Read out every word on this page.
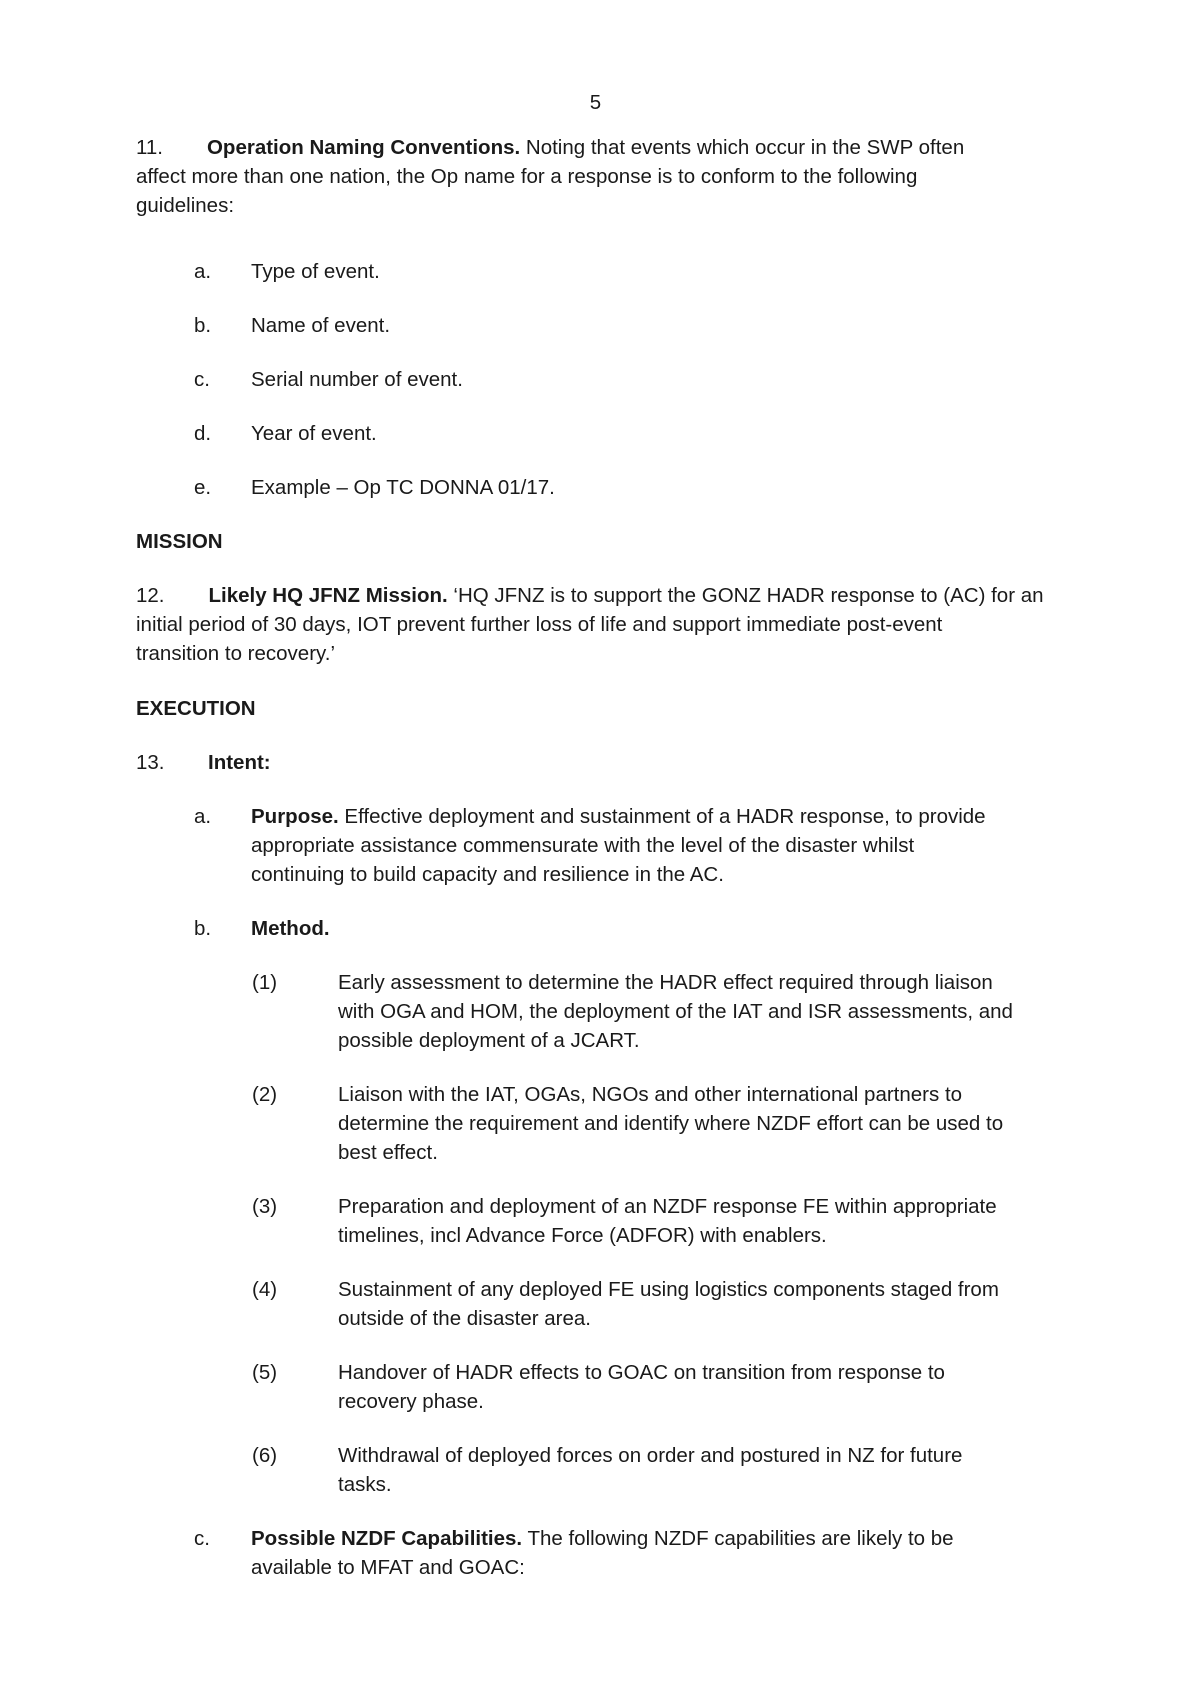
5
11. Operation Naming Conventions. Noting that events which occur in the SWP often
affect more than one nation, the Op name for a response is to conform to the following
guidelines:
a. Type of event.
b. Name of event.
c. Serial number of event.
d. Year of event.
e. Example – Op TC DONNA 01/17.
MISSION
12. Likely HQ JFNZ Mission. ‘HQ JFNZ is to support the GONZ HADR response to (AC) for an
initial period of 30 days, IOT prevent further loss of life and support immediate post-event
transition to recovery.’
EXECUTION
13. Intent:
a. Purpose. Effective deployment and sustainment of a HADR response, to provide
appropriate assistance commensurate with the level of the disaster whilst
continuing to build capacity and resilience in the AC.
b. Method.
(1)	Early assessment to determine the HADR effect required through liaison
with OGA and HOM, the deployment of the IAT and ISR assessments, and
possible deployment of a JCART.
(2)	Liaison with the IAT, OGAs, NGOs and other international partners to
determine the requirement and identify where NZDF effort can be used to
best effect.
(3)	Preparation and deployment of an NZDF response FE within appropriate
timelines, incl Advance Force (ADFOR) with enablers.
(4)	Sustainment of any deployed FE using logistics components staged from
outside of the disaster area.
(5)	Handover of HADR effects to GOAC on transition from response to
recovery phase.
(6)	Withdrawal of deployed forces on order and postured in NZ for future
tasks.
c. Possible NZDF Capabilities. The following NZDF capabilities are likely to be
available to MFAT and GOAC:
